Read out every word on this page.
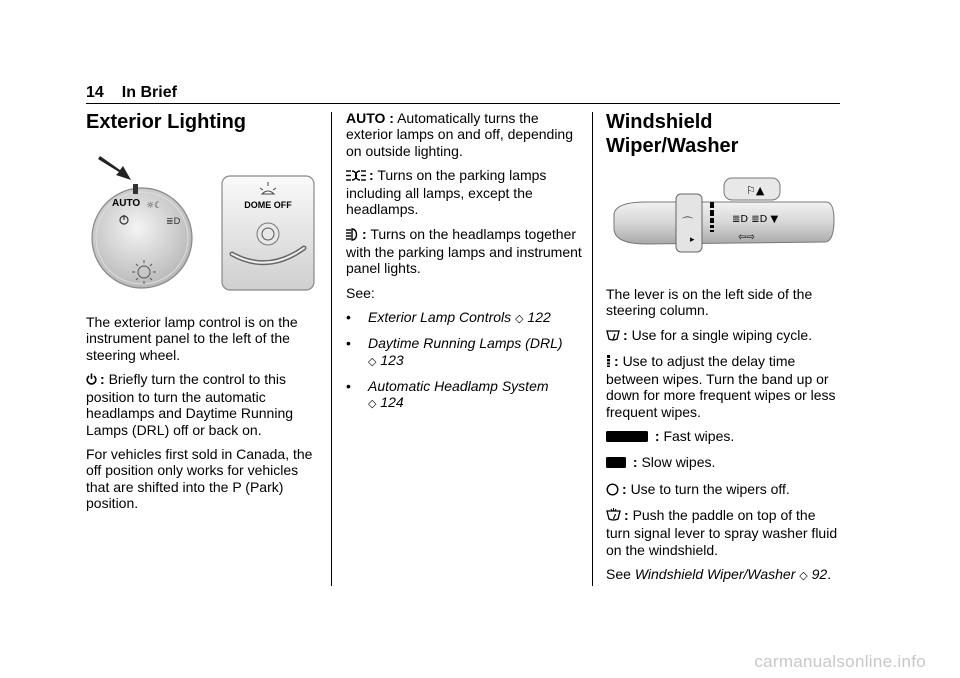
14 In Brief
Exterior Lighting
AUTO ☼☾
≣D
DOME OFF

The exterior lamp control is on the instrument panel to the left of the steering wheel.

: Briefly turn the control to this position to turn the automatic headlamps and Daytime Running Lamps (DRL) off or back on.

For vehicles first sold in Canada, the off position only works for vehicles that are shifted into the P (Park) position.

AUTO : Automatically turns the exterior lamps on and off, depending on outside lighting.

: Turns on the parking lamps including all lamps, except the headlamps.

: Turns on the headlamps together with the parking lamps and instrument panel lights.

See:

•	Exterior Lamp Controls ◇ 122
•	Daytime Running Lamps (DRL)
◇ 123
•	Automatic Headlamp System
◇ 124
Windshield Wiper/Washer
⚐▲
⌒	≣D ≣D ▼
⇦⇨
▸

The lever is on the left side of the steering column.

: Use for a single wiping cycle.

: Use to adjust the delay time between wipes. Turn the band up or down for more frequent wipes or less frequent wipes.

: Fast wipes.

: Slow wipes.

: Use to turn the wipers off.

: Push the paddle on top of the turn signal lever to spray washer fluid on the windshield.

See Windshield Wiper/Washer ◇ 92.

carmanualsonline.info
